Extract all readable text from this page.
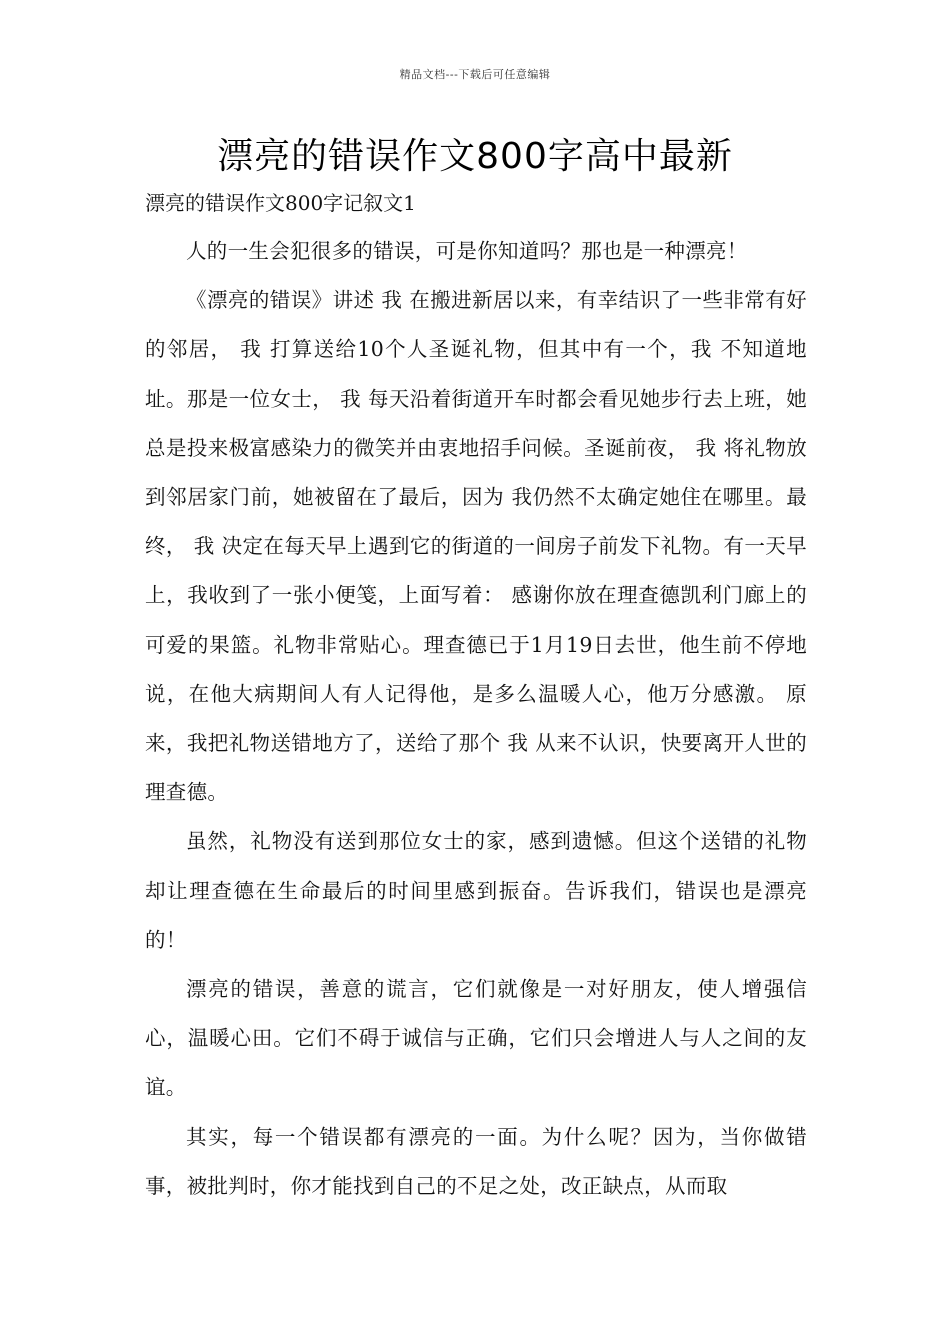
精品文档---下载后可任意编辑
漂亮的错误作文800字高中最新
漂亮的错误作文800字记叙文1

人的一生会犯很多的错误，可是你知道吗？那也是一种漂亮！

《漂亮的错误》讲述 我 在搬进新居以来，有幸结识了一些非常有好的邻居， 我 打算送给10个人圣诞礼物，但其中有一个，我 不知道地址。那是一位女士， 我 每天沿着街道开车时都会看见她步行去上班，她总是投来极富感染力的微笑并由衷地招手问候。圣诞前夜， 我 将礼物放到邻居家门前，她被留在了最后，因为 我仍然不太确定她住在哪里。最终， 我 决定在每天早上遇到它的街道的一间房子前发下礼物。有一天早上，我收到了一张小便笺，上面写着： 感谢你放在理查德凯利门廊上的可爱的果篮。礼物非常贴心。理查德已于1月19日去世，他生前不停地说，在他大病期间人有人记得他，是多么温暖人心，他万分感激。 原来，我把礼物送错地方了，送给了那个 我 从来不认识，快要离开人世的理查德。

虽然，礼物没有送到那位女士的家，感到遗憾。但这个送错的礼物却让理查德在生命最后的时间里感到振奋。告诉我们，错误也是漂亮的！

漂亮的错误，善意的谎言，它们就像是一对好朋友，使人增强信心，温暖心田。它们不碍于诚信与正确，它们只会增进人与人之间的友谊。

其实，每一个错误都有漂亮的一面。为什么呢？因为，当你做错事，被批判时，你才能找到自己的不足之处，改正缺点，从而取
